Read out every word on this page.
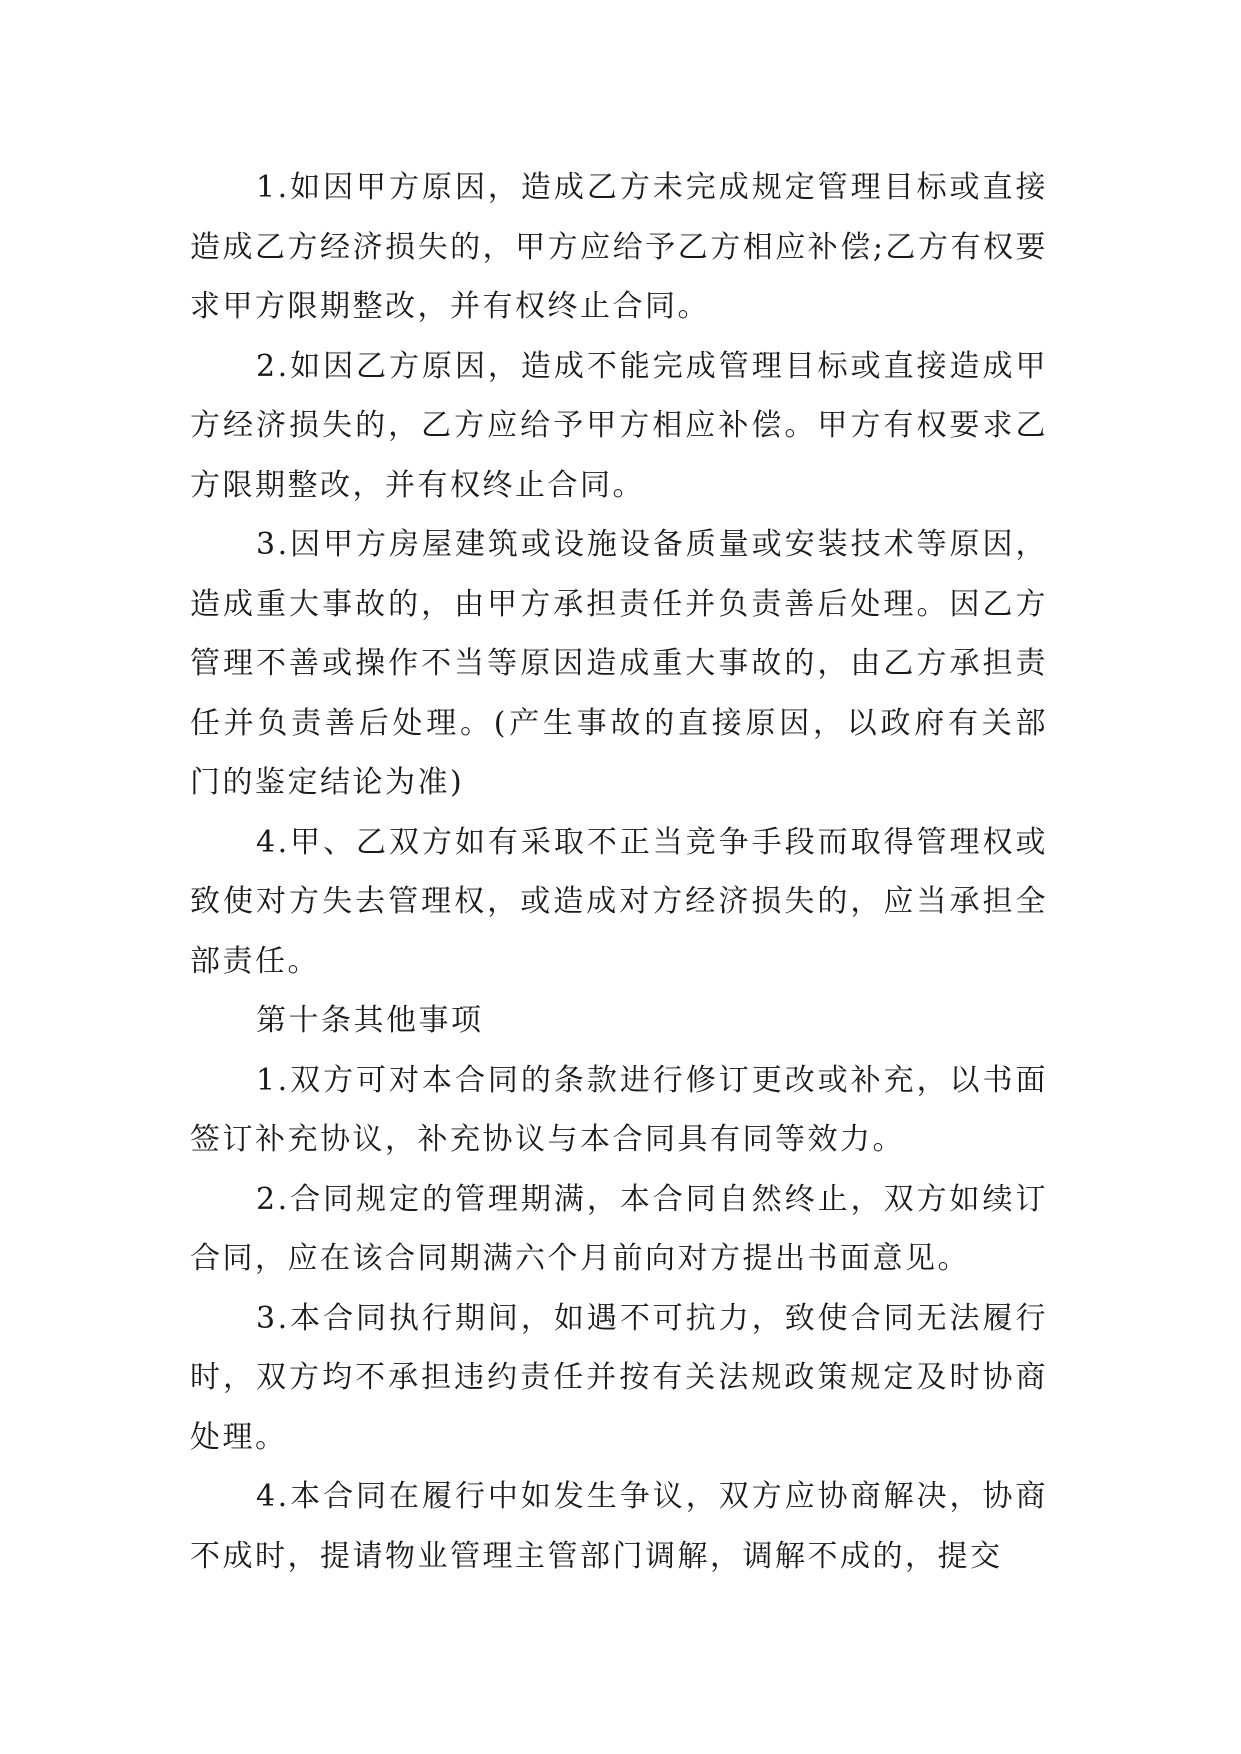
1.如因甲方原因，造成乙方未完成规定管理目标或直接造成乙方经济损失的，甲方应给予乙方相应补偿;乙方有权要求甲方限期整改，并有权终止合同。

2.如因乙方原因，造成不能完成管理目标或直接造成甲方经济损失的，乙方应给予甲方相应补偿。甲方有权要求乙方限期整改，并有权终止合同。

3.因甲方房屋建筑或设施设备质量或安装技术等原因，造成重大事故的，由甲方承担责任并负责善后处理。因乙方管理不善或操作不当等原因造成重大事故的，由乙方承担责任并负责善后处理。(产生事故的直接原因，以政府有关部门的鉴定结论为准)

4.甲、乙双方如有采取不正当竞争手段而取得管理权或致使对方失去管理权，或造成对方经济损失的，应当承担全部责任。

第十条其他事项

1.双方可对本合同的条款进行修订更改或补充，以书面签订补充协议，补充协议与本合同具有同等效力。

2.合同规定的管理期满，本合同自然终止，双方如续订合同，应在该合同期满六个月前向对方提出书面意见。

3.本合同执行期间，如遇不可抗力，致使合同无法履行时，双方均不承担违约责任并按有关法规政策规定及时协商处理。

4.本合同在履行中如发生争议，双方应协商解决，协商不成时，提请物业管理主管部门调解，调解不成的，提交
